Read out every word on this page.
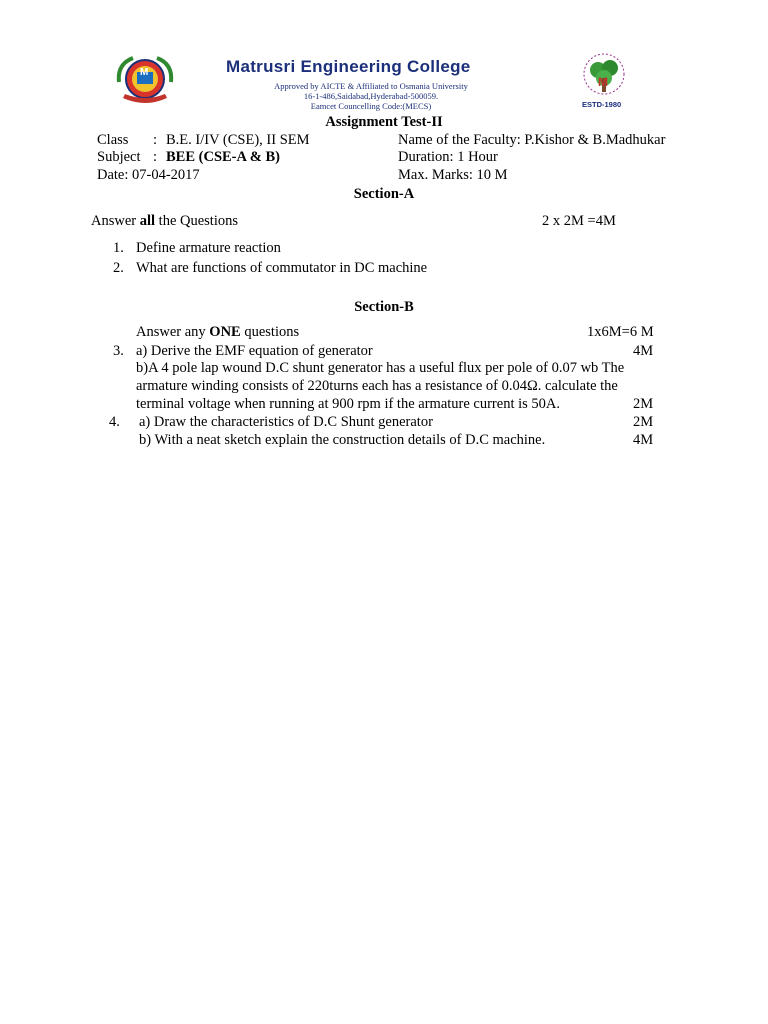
M	Matrusri Engineering College
Approved by AICTE & Affiliated to Osmania University
16-1-486,Saidabad,Hyderabad-500059.
Eamcet Councelling Code:(MECS)
M
ESTD-1980
Assignment Test-II
Class : B.E. I/IV (CSE), II SEM
Subject : BEE (CSE-A & B)
Date: 07-04-2017
Name of the Faculty: P.Kishor & B.Madhukar
Duration: 1 Hour
Max. Marks: 10 M
Section-A
Answer all the Questions	2 x 2M =4M
1. Define armature reaction
2. What are functions of commutator in DC machine
Section-B
Answer any ONE questions	1x6M=6 M
3. a) Derive the EMF equation of generator	4M
b)A 4 pole lap wound D.C shunt generator has a useful flux per pole of 0.07 wb The
armature winding consists of 220turns each has a resistance of 0.04Ω. calculate the
terminal voltage when running at 900 rpm if the armature current is 50A.	2M
4. a) Draw the characteristics of D.C Shunt generator	2M
b) With a neat sketch explain the construction details of D.C machine.	4M
